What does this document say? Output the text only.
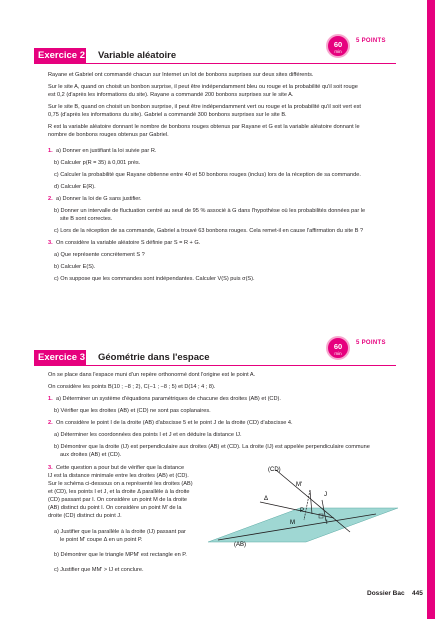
60
min
5 POINTS
Exercice 2 Variable aléatoire
Rayane et Gabriel ont commandé chacun sur Internet un lot de bonbons surprises sur deux sites différents.
Sur le site A, quand on choisit un bonbon surprise, il peut être indépendamment bleu ou rouge et la probabilité qu'il soit rouge
est 0,2 (d'après les informations du site). Rayane a commandé 200 bonbons surprises sur le site A.
Sur le site B, quand on choisit un bonbon surprise, il peut être indépendamment vert ou rouge et la probabilité qu'il soit vert est
0,75 (d'après les informations du site). Gabriel a commandé 300 bonbons surprises sur le site B.
R est la variable aléatoire donnant le nombre de bonbons rouges obtenus par Rayane et G est la variable aléatoire donnant le
nombre de bonbons rouges obtenus par Gabriel.
1. a) Donner en justifiant la loi suivie par R.
b) Calculer p(R = 35) à 0,001 près.
c) Calculer la probabilité que Rayane obtienne entre 40 et 50 bonbons rouges (inclus) lors de la réception de sa commande.
d) Calculer E(R).
2. a) Donner la loi de G sans justifier.
b) Donner un intervalle de fluctuation centré au seuil de 95 % associé à G dans l'hypothèse où les probabilités données par le
site B sont correctes.
c) Lors de la réception de sa commande, Gabriel a trouvé 63 bonbons rouges. Cela remet-il en cause l'affirmation du site B ?
3. On considère la variable aléatoire S définie par S = R + G.
a) Que représente concrètement S ?
b) Calculer E(S).
c) On suppose que les commandes sont indépendantes. Calculer V(S) puis σ(S).
60
min
5 POINTS
Exercice 3 Géométrie dans l'espace
On se place dans l'espace muni d'un repère orthonormé dont l'origine est le point A.
On considère les points B(10 ; −8 ; 2), C(−1 ; −8 ; 5) et D(14 ; 4 ; 8).
1. a) Déterminer un système d'équations paramétriques de chacune des droites (AB) et (CD).
b) Vérifier que les droites (AB) et (CD) ne sont pas coplanaires.
2. On considère le point I de la droite (AB) d'abscisse 5 et le point J de la droite (CD) d'abscisse 4.
a) Déterminer les coordonnées des points I et J et en déduire la distance IJ.
b) Démontrer que la droite (IJ) est perpendiculaire aux droites (AB) et (CD). La droite (IJ) est appelée perpendiculaire commune
aux droites (AB) et (CD).
3. Cette question a pour but de vérifier que la distance
IJ est la distance minimale entre les droites (AB) et (CD).
Sur le schéma ci-dessous on a représenté les droites (AB)
et (CD), les points I et J, et la droite Δ parallèle à la droite
(CD) passant par I. On considère un point M de la droite
(AB) distinct du point I. On considère un point M' de la
droite (CD) distinct du point J.
a) Justifier que la parallèle à la droite (IJ) passant par
le point M' coupe Δ en un point P.
b) Démontrer que le triangle MPM' est rectangle en P.
c) Justifier que MM' > IJ et conclure.
(CD)
(AB)
M'
J
Δ
P
I
M
Dossier Bac 445
